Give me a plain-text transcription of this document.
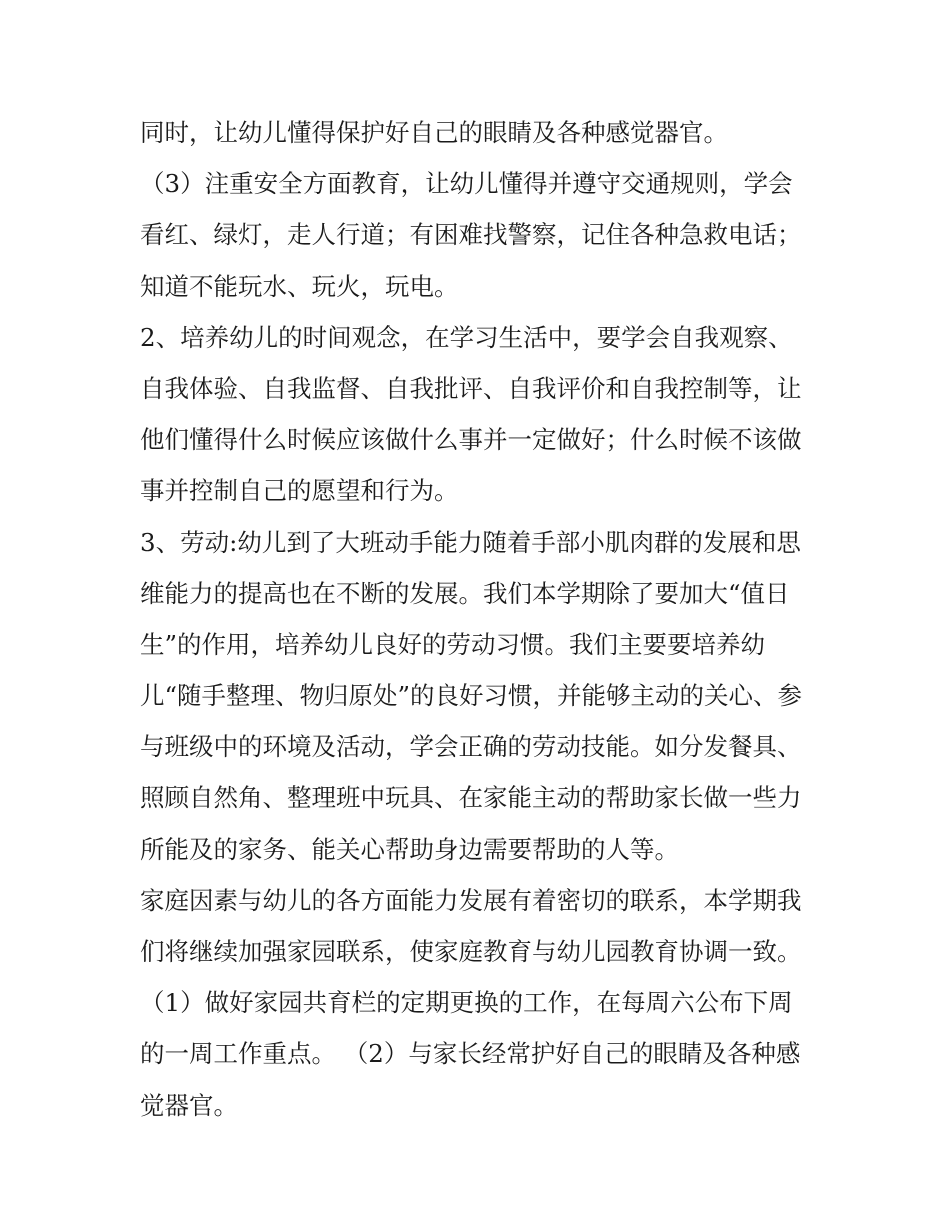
同时，让幼儿懂得保护好自己的眼睛及各种感觉器官。
（3）注重安全方面教育，让幼儿懂得并遵守交通规则，学会
看红、绿灯，走人行道；有困难找警察，记住各种急救电话；
知道不能玩水、玩火，玩电。
2、培养幼儿的时间观念，在学习生活中，要学会自我观察、
自我体验、自我监督、自我批评、自我评价和自我控制等，让
他们懂得什么时候应该做什么事并一定做好；什么时候不该做
事并控制自己的愿望和行为。
3、劳动:幼儿到了大班动手能力随着手部小肌肉群的发展和思
维能力的提高也在不断的发展。我们本学期除了要加大“值日
生”的作用，培养幼儿良好的劳动习惯。我们主要要培养幼
儿“随手整理、物归原处”的良好习惯，并能够主动的关心、参
与班级中的环境及活动，学会正确的劳动技能。如分发餐具、
照顾自然角、整理班中玩具、在家能主动的帮助家长做一些力
所能及的家务、能关心帮助身边需要帮助的人等。
家庭因素与幼儿的各方面能力发展有着密切的联系，本学期我
们将继续加强家园联系，使家庭教育与幼儿园教育协调一致。
（1）做好家园共育栏的定期更换的工作，在每周六公布下周
的一周工作重点。 （2）与家长经常护好自己的眼睛及各种感
觉器官。
